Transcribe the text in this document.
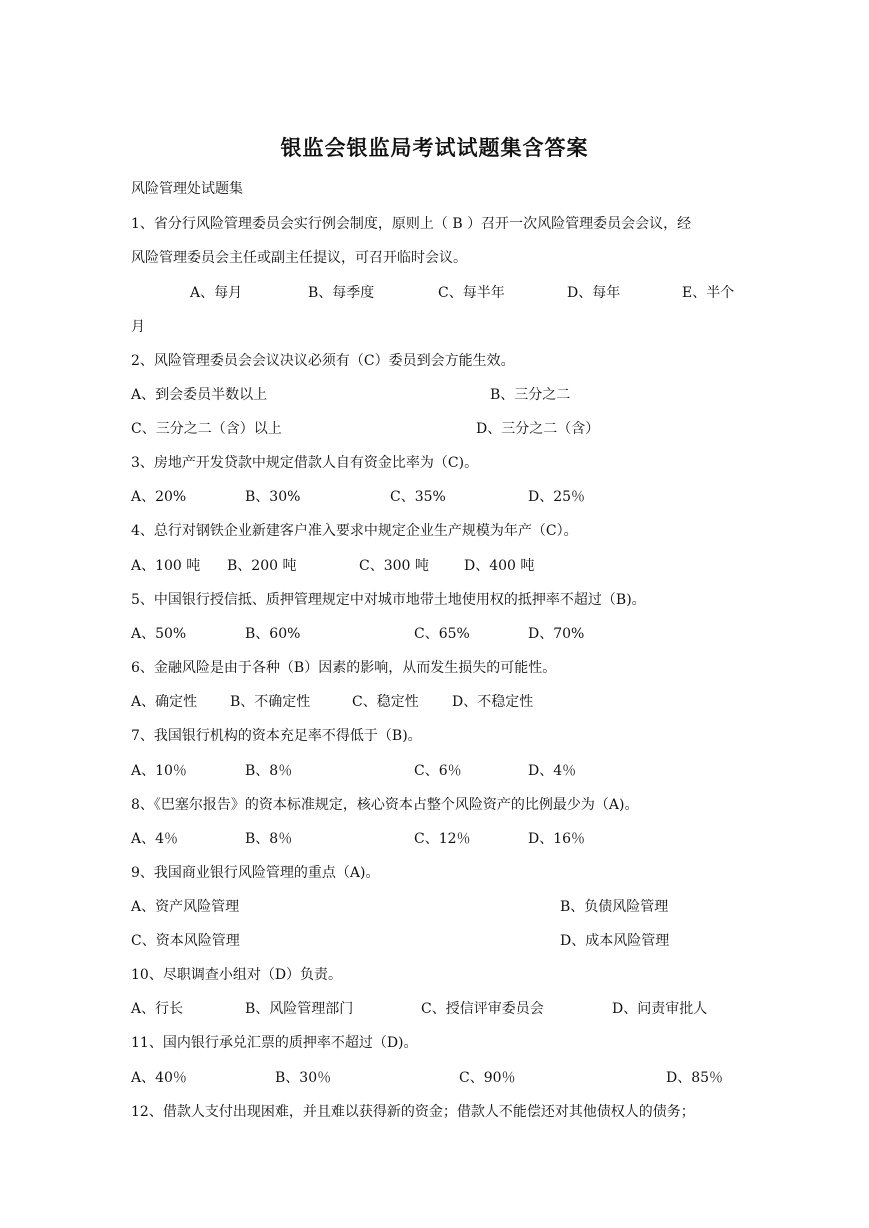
银监会银监局考试试题集含答案
风险管理处试题集
1、省分行风险管理委员会实行例会制度，原则上（ B ）召开一次风险管理委员会会议，经
风险管理委员会主任或副主任提议，可召开临时会议。
A、每月	B、每季度	C、每半年	D、每年	E、半个
月
2、风险管理委员会会议决议必须有（C）委员到会方能生效。
A、到会委员半数以上	B、三分之二
C、三分之二（含）以上	D、三分之二（含）
3、房地产开发贷款中规定借款人自有资金比率为（C)。
A、20%	B、30%	C、35%	D、25％
4、总行对钢铁企业新建客户准入要求中规定企业生产规模为年产（C）。
A、100 吨 B、200 吨	C、300 吨	D、400 吨
5、中国银行授信抵、质押管理规定中对城市地带土地使用权的抵押率不超过（B)。
A、50%	B、60%	C、65%	D、70%
6、金融风险是由于各种（B）因素的影响，从而发生损失的可能性。
A、确定性 B、不确定性	C、稳定性 D、不稳定性
7、我国银行机构的资本充足率不得低于（B)。
A、10％	B、8％	C、6％	D、4％
8、《巴塞尔报告》的资本标准规定，核心资本占整个风险资产的比例最少为（A)。
A、4％	B、8％	C、12％	D、16％
9、我国商业银行风险管理的重点（A)。
A、资产风险管理	B、负债风险管理
C、资本风险管理	D、成本风险管理
10、尽职调查小组对（D）负责。
A、行长	B、风险管理部门	C、授信评审委员会	D、问责审批人
11、国内银行承兑汇票的质押率不超过（D)。
A、40％	B、30％	C、90％	D、85％
12、借款人支付出现困难，并且难以获得新的资金；借款人不能偿还对其他债权人的债务；
